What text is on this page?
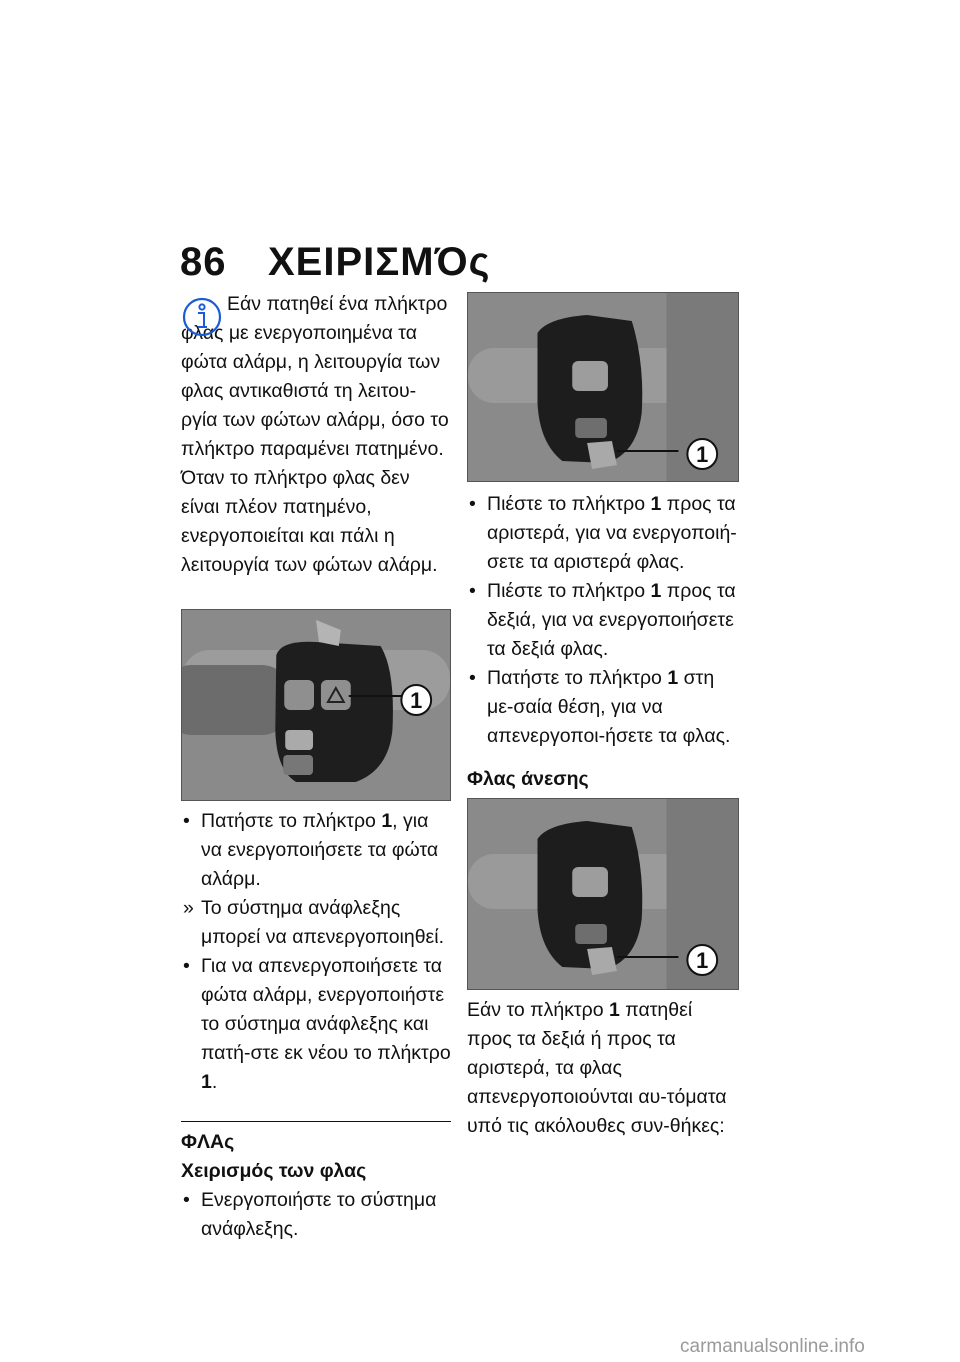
86 ΧΕΙΡΙΣΜΌς

Εάν πατηθεί ένα πλήκτρο φλας με ενεργοποιημένα τα φώτα αλάρμ, η λειτουργία των φλας αντικαθιστά τη λειτου-ργία των φώτων αλάρμ, όσο το πλήκτρο παραμένει πατημένο.

Όταν το πλήκτρο φλας δεν είναι πλέον πατημένο, ενεργοποιείται και πάλι η λειτουργία των φώτων αλάρμ.

1
•
Πατήστε το πλήκτρο 1, για να ενεργοποιήσετε τα φώτα αλάρμ.
»
Το σύστημα ανάφλεξης μπορεί να απενεργοποιηθεί.
•
Για να απενεργοποιήσετε τα φώτα αλάρμ, ενεργοποιήστε το σύστημα ανάφλεξης και πατή-στε εκ νέου το πλήκτρο 1.

ΦΛΑς

Χειρισμός των φλας

•
Ενεργοποιήστε το σύστημα ανάφλεξης.
1
•
Πιέστε το πλήκτρο 1 προς τα αριστερά, για να ενεργοποιή-σετε τα αριστερά φλας.
•
Πιέστε το πλήκτρο 1 προς τα δεξιά, για να ενεργοποιήσετε τα δεξιά φλας.
•
Πατήστε το πλήκτρο 1 στη με-σαία θέση, για να απενεργοποι-ήσετε τα φλας.

Φλας άνεσης

1

Εάν το πλήκτρο 1 πατηθεί προς τα δεξιά ή προς τα αριστερά, τα φλας απενεργοποιούνται αυ-τόματα υπό τις ακόλουθες συν-θήκες:

carmanualsonline.info
